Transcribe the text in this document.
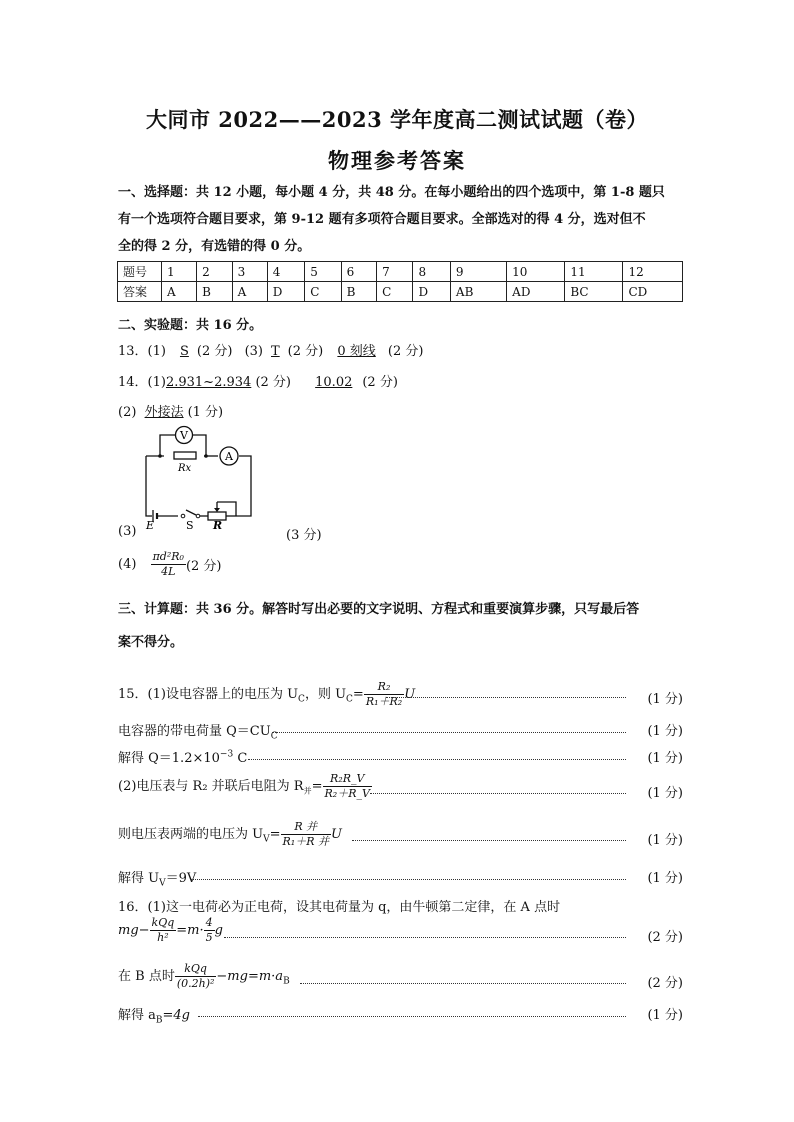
大同市 2022——2023 学年度高二测试试题（卷）
物理参考答案
一、选择题：共 12 小题，每小题 4 分，共 48 分。在每小题给出的四个选项中，第 1-8 题只
有一个选项符合题目要求，第 9-12 题有多项符合题目要求。全部选对的得 4 分，选对但不
全的得 2 分，有选错的得 0 分。
题号	1	2	3	4	5	6	7	8	9	10	11	12
答案	A	B	A	D	C	B	C	D	AB	AD	BC	CD
二、实验题：共 16 分。
13．(1) S (2 分) (3) T (2 分) 0 刻线 (2 分)
14．(1)2.931~2.934 (2 分) 10.02 (2 分)
(2) 外接法 (1 分)
V
A
Rx
E	S R
(3)	(3 分)
$(4) \frac{\text{πd²R₀}}{4L} (2$ 分)
三、计算题：共 36 分。解答时写出必要的文字说明、方程式和重要演算步骤，只写最后答
案不得分。
15．(1)设电容器上的电压为 $U_C$，则 $U_C= \frac{\text{R₂}}{\text{R₁＋R₂}}$ U	(1 分)
电容器的带电荷量 $Q=CU_C$	(1 分)
解得 $Q=1.2\times 10^{-3}$ C	(1 分)
(2)电压表与 R₂ 并联后电阻为 $R_并= \frac{\text{R₂R\_V}}{\text{R₂＋R\_V}}$	(1 分)
则电压表两端的电压为 $U_V= \frac{\text{R 并}}{\text{R₁＋R 并}}$ U	(1 分)
解得 $U_V=9V$	(1 分)
16．(1)这一电荷必为正电荷，设其电荷量为 q，由牛顿第二定律，在 A 点时
$mg- \frac{\text{kQq}}{\text{h²}} =m\cdot \frac{4}{5}$ g	(2 分)
在 B 点时 $\frac{\text{kQq}}{\text{(0.2h)²}} -mg=m\cdot a_B$	(2 分)
解得 $a_B=4g$	(1 分)
